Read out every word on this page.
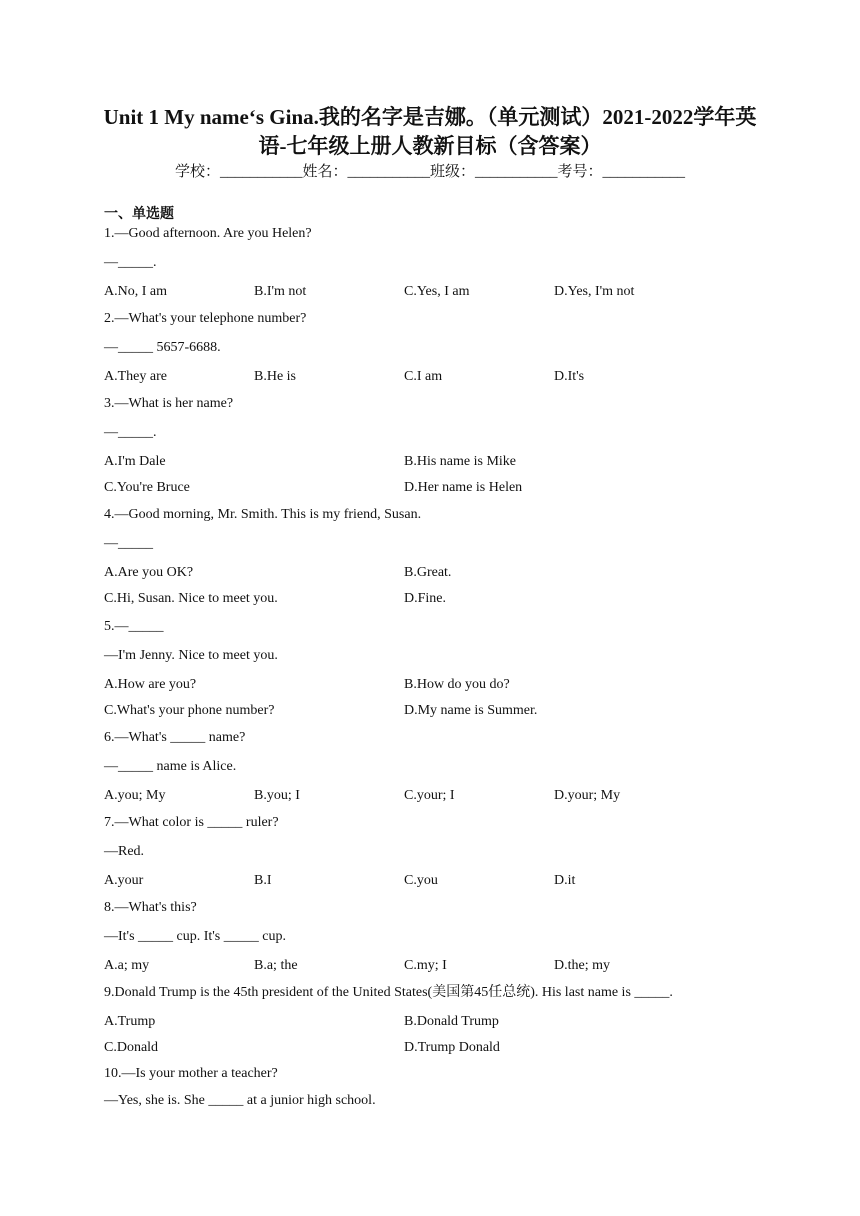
Unit 1 My name‘s Gina.我的名字是吉娜。（单元测试）2021-2022学年英语-七年级上册人教新目标（含答案）
学校：___________姓名：___________班级：___________考号：___________
一、单选题
1.—Good afternoon. Are you Helen?
—_____.
A.No, I am	B.I'm not	C.Yes, I am	D.Yes, I'm not
2.—What's your telephone number?
—_____ 5657-6688.
A.They are	B.He is	C.I am	D.It's
3.—What is her name?
—_____.
A.I'm Dale	B.His name is Mike
C.You're Bruce	D.Her name is Helen
4.—Good morning, Mr. Smith. This is my friend, Susan.
—_____
A.Are you OK?	B.Great.
C.Hi, Susan. Nice to meet you.	D.Fine.
5.—_____
—I'm Jenny. Nice to meet you.
A.How are you?	B.How do you do?
C.What's your phone number?	D.My name is Summer.
6.—What's _____ name?
—_____ name is Alice.
A.you; My	B.you; I	C.your; I	D.your; My
7.—What color is _____ ruler?
—Red.
A.your	B.I	C.you	D.it
8.—What's this?
—It's _____ cup. It's _____ cup.
A.a; my	B.a; the	C.my; I	D.the; my
9.Donald Trump is the 45th president of the United States(美国第45任总统). His last name is _____.
A.Trump	B.Donald Trump
C.Donald	D.Trump Donald
10.—Is your mother a teacher?
—Yes, she is. She _____ at a junior high school.
